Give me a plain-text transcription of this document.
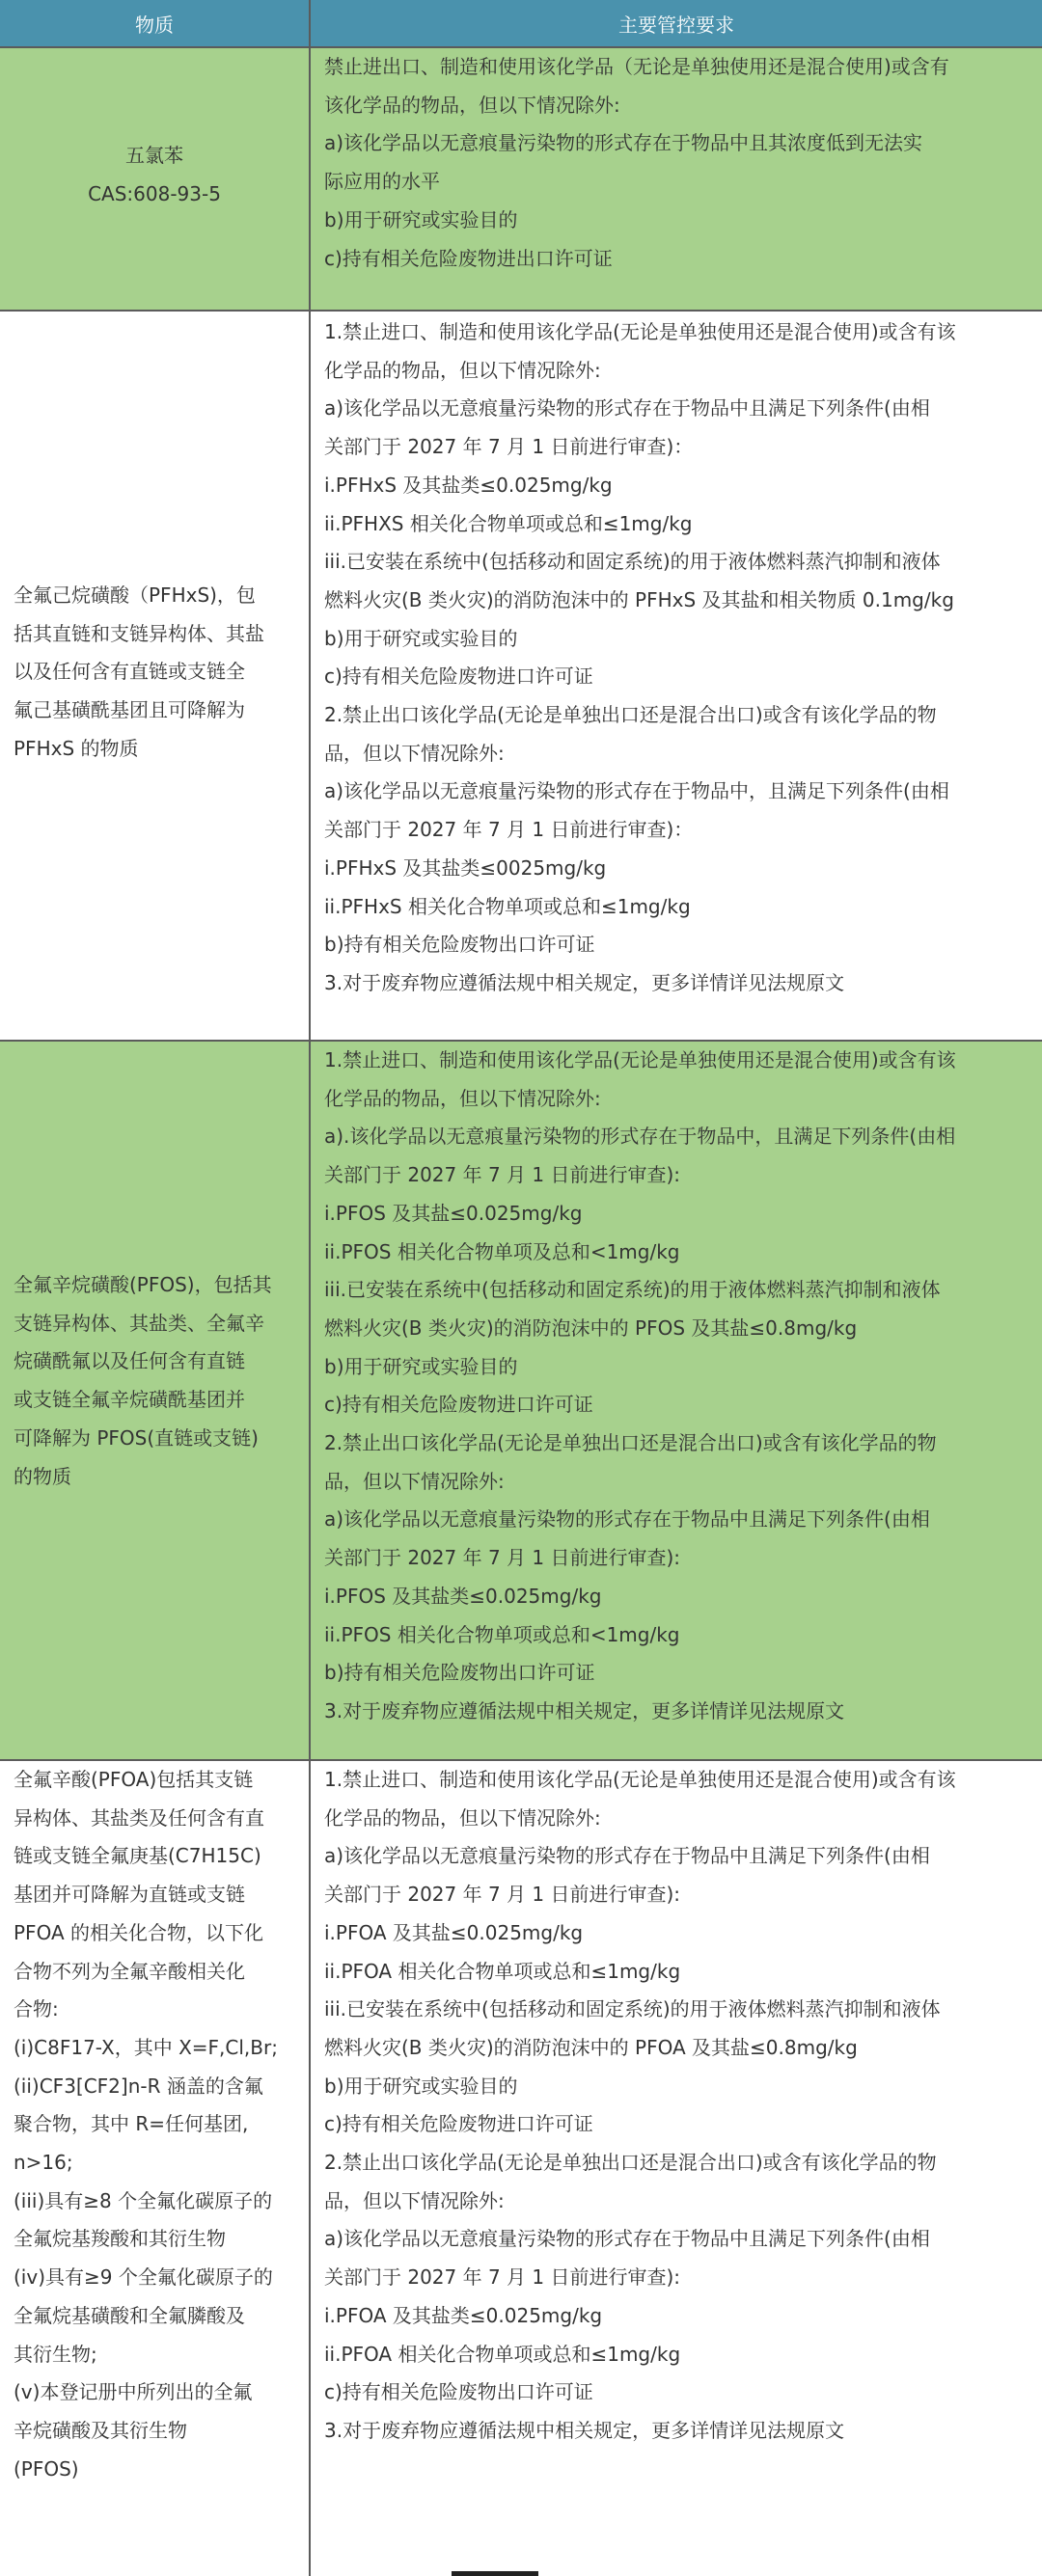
物质	主要管控要求
五氯苯
CAS:608-93-5
禁止进出口、制造和使用该化学品（无论是单独使用还是混合使用)或含有
该化学品的物品，但以下情况除外:
a)该化学品以无意痕量污染物的形式存在于物品中且其浓度低到无法实
际应用的水平
b)用于研究或实验目的
c)持有相关危险废物进出口许可证
全氟己烷磺酸（PFHxS)，包
括其直链和支链异构体、其盐
以及任何含有直链或支链全
氟己基磺酰基团且可降解为
PFHxS 的物质
1.禁止进口、制造和使用该化学品(无论是单独使用还是混合使用)或含有该
化学品的物品，但以下情况除外:
a)该化学品以无意痕量污染物的形式存在于物品中且满足下列条件(由相
关部门于 2027 年 7 月 1 日前进行审查)：
i.PFHxS 及其盐类≤0.025mg/kg
ii.PFHXS 相关化合物单项或总和≤1mg/kg
iii.已安装在系统中(包括移动和固定系统)的用于液体燃料蒸汽抑制和液体
燃料火灾(B 类火灾)的消防泡沫中的 PFHxS 及其盐和相关物质 0.1mg/kg
b)用于研究或实验目的
c)持有相关危险废物进口许可证
2.禁止出口该化学品(无论是单独出口还是混合出口)或含有该化学品的物
品，但以下情况除外:
a)该化学品以无意痕量污染物的形式存在于物品中，且满足下列条件(由相
关部门于 2027 年 7 月 1 日前进行审查)：
i.PFHxS 及其盐类≤0025mg/kg
ii.PFHxS 相关化合物单项或总和≤1mg/kg
b)持有相关危险废物出口许可证
3.对于废弃物应遵循法规中相关规定，更多详情详见法规原文
全氟辛烷磺酸(PFOS)，包括其
支链异构体、其盐类、全氟辛
烷磺酰氟以及任何含有直链
或支链全氟辛烷磺酰基团并
可降解为 PFOS(直链或支链)
的物质
1.禁止进口、制造和使用该化学品(无论是单独使用还是混合使用)或含有该
化学品的物品，但以下情况除外:
a).该化学品以无意痕量污染物的形式存在于物品中，且满足下列条件(由相
关部门于 2027 年 7 月 1 日前进行审查):
i.PFOS 及其盐≤0.025mg/kg
ii.PFOS 相关化合物单项及总和<1mg/kg
iii.已安装在系统中(包括移动和固定系统)的用于液体燃料蒸汽抑制和液体
燃料火灾(B 类火灾)的消防泡沫中的 PFOS 及其盐≤0.8mg/kg
b)用于研究或实验目的
c)持有相关危险废物进口许可证
2.禁止出口该化学品(无论是单独出口还是混合出口)或含有该化学品的物
品，但以下情况除外:
a)该化学品以无意痕量污染物的形式存在于物品中且满足下列条件(由相
关部门于 2027 年 7 月 1 日前进行审查):
i.PFOS 及其盐类≤0.025mg/kg
ii.PFOS 相关化合物单项或总和<1mg/kg
b)持有相关危险废物出口许可证
3.对于废弃物应遵循法规中相关规定，更多详情详见法规原文
全氟辛酸(PFOA)包括其支链
异构体、其盐类及任何含有直
链或支链全氟庚基(C7H15C)
基团并可降解为直链或支链
PFOA 的相关化合物，以下化
合物不列为全氟辛酸相关化
合物:
(i)C8F17-X，其中 X=F,Cl,Br;
(ii)CF3[CF2]n-R 涵盖的含氟
聚合物，其中 R=任何基团,
n>16;
(iii)具有≥8 个全氟化碳原子的
全氟烷基羧酸和其衍生物
(iv)具有≥9 个全氟化碳原子的
全氟烷基磺酸和全氟膦酸及
其衍生物;
(v)本登记册中所列出的全氟
辛烷磺酸及其衍生物
(PFOS)
1.禁止进口、制造和使用该化学品(无论是单独使用还是混合使用)或含有该
化学品的物品，但以下情况除外:
a)该化学品以无意痕量污染物的形式存在于物品中且满足下列条件(由相
关部门于 2027 年 7 月 1 日前进行审查):
i.PFOA 及其盐≤0.025mg/kg
ii.PFOA 相关化合物单项或总和≤1mg/kg
iii.已安装在系统中(包括移动和固定系统)的用于液体燃料蒸汽抑制和液体
燃料火灾(B 类火灾)的消防泡沫中的 PFOA 及其盐≤0.8mg/kg
b)用于研究或实验目的
c)持有相关危险废物进口许可证
2.禁止出口该化学品(无论是单独出口还是混合出口)或含有该化学品的物
品，但以下情况除外:
a)该化学品以无意痕量污染物的形式存在于物品中且满足下列条件(由相
关部门于 2027 年 7 月 1 日前进行审查):
i.PFOA 及其盐类≤0.025mg/kg
ii.PFOA 相关化合物单项或总和≤1mg/kg
c)持有相关危险废物出口许可证
3.对于废弃物应遵循法规中相关规定，更多详情详见法规原文
